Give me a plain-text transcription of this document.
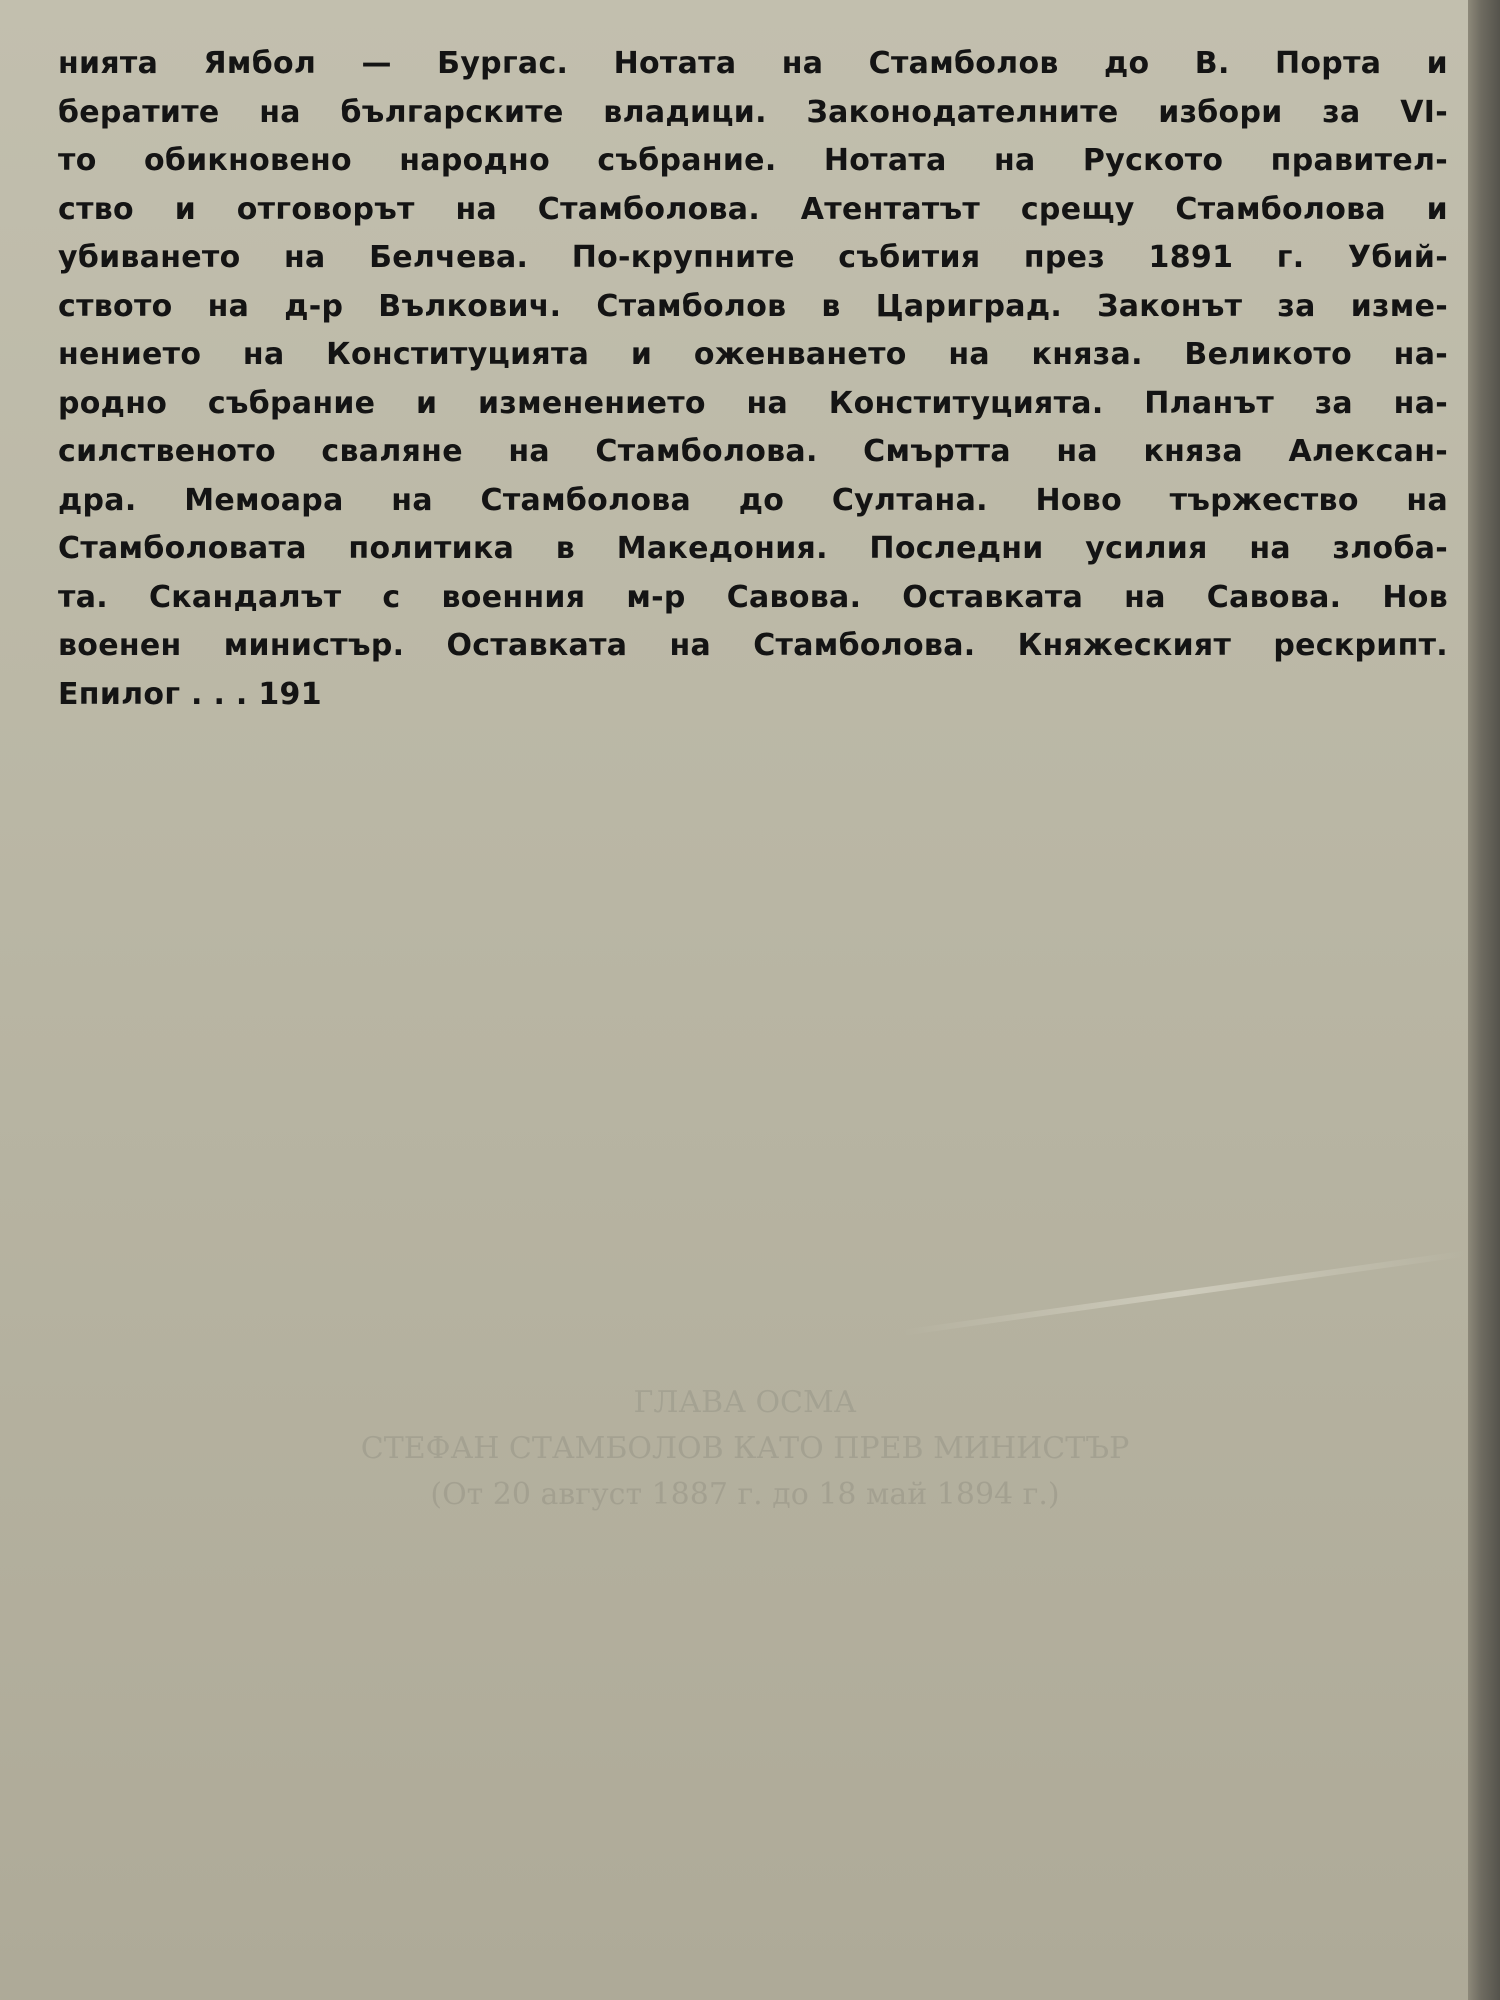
ГЛАВА ОСМА
СТЕФАН СТАМБОЛОВ КАТО ПРЕВ МИНИСТЪР
(От 20 август 1887 г. до 18 май 1894 г.)
нията Ямбол — Бургас. Нотата на Стамболов до В. Порта и
бератите на българските владици. Законодателните избори за VI-
то обикновено народно събрание. Нотата на Руското правител-
ство и отговорът на Стамболова. Атентатът срещу Стамболова и
убиването на Белчева. По-крупните събития през 1891 г. Убий-
ството на д-р Вълкович. Стамболов в Цариград. Законът за изме-
нението на Конституцията и оженването на княза. Великото на-
родно събрание и изменението на Конституцията. Планът за на-
силственото сваляне на Стамболова. Смъртта на княза Алексан-
дра. Мемоара на Стамболова до Султана. Ново тържество на
Стамболовата политика в Македония. Последни усилия на злоба-
та. Скандалът с военния м-р Савова. Оставката на Савова. Нов
военен министър. Оставката на Стамболова. Княжеският рескрипт.
Епилог . . . 191
